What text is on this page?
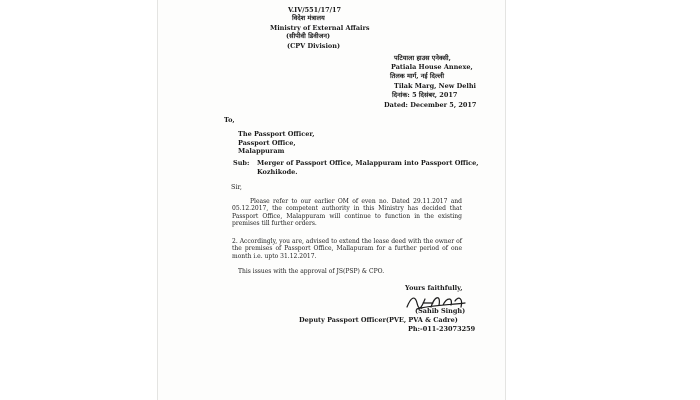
V.IV/551/17/17
विदेश मंत्रालय
Ministry of External Affairs
(सीपीवी डिवीजन)
(CPV Division)
पटियाला हाउस एनेक्सी,
Patiala House Annexe,
तिलक मार्ग, नई दिल्ली
Tilak Marg, New Delhi
दिनांक: 5 दिसंबर, 2017
Dated: December 5, 2017
To,
The Passport Officer,
Passport Office,
Malappuram
Sub: Merger of Passport Office, Malappuram into Passport Office,
Kozhikode.
Sir,
Please refer to our earlier OM of even no. Dated 29.11.2017 and 05.12.2017, the competent authority in this Ministry has decided that Passport Office, Malappuram will continue to function in the existing premises till further orders.
2. Accordingly, you are, advised to extend the lease deed with the owner of the premises of Passport Office, Mallapuram for a further period of one month i.e. upto 31.12.2017.
This issues with the approval of JS(PSP) & CPO.
Yours faithfully,
(Sahib Singh)
Deputy Passport Officer(PVE, PVA & Cadre)
Ph:-011-23073259
